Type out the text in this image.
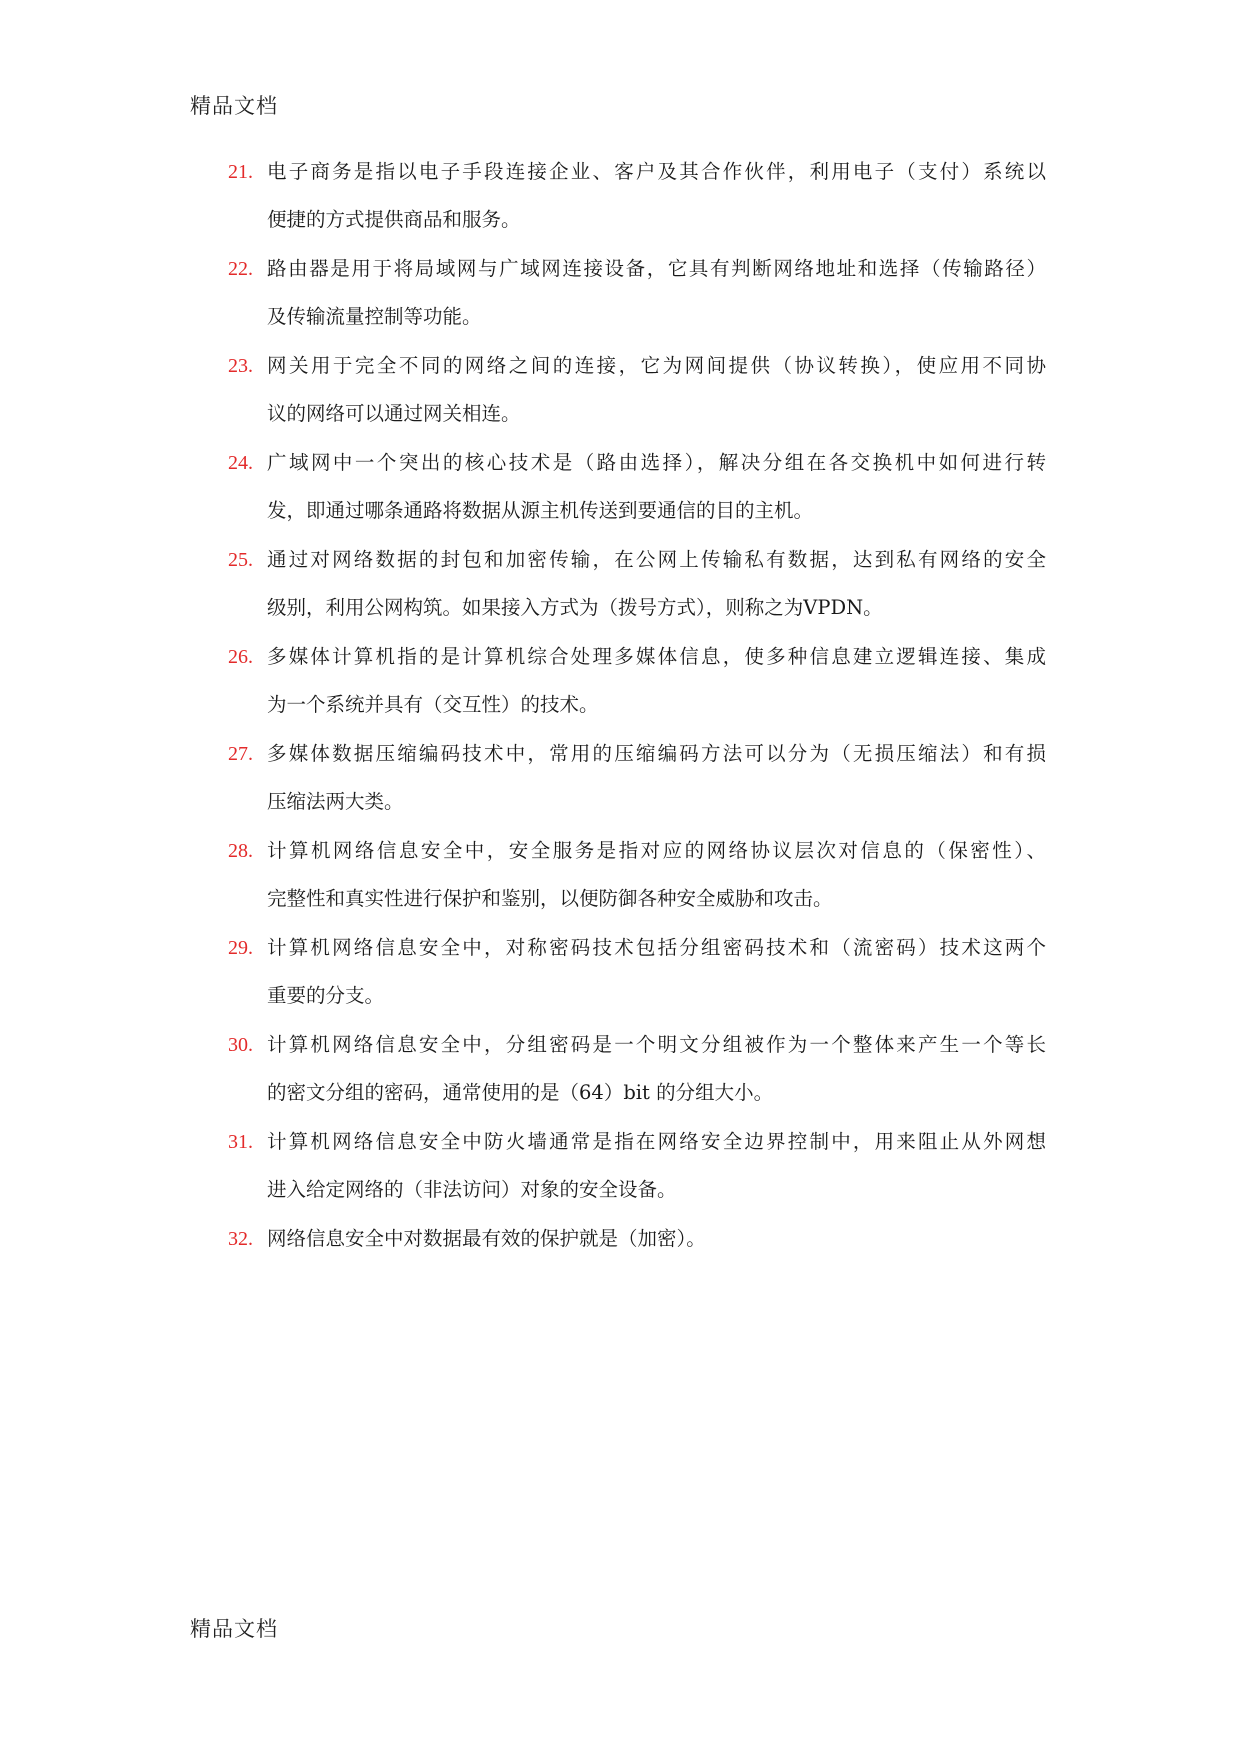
精品文档
21. 电子商务是指以电子手段连接企业、客户及其合作伙伴，利用电子（支付）系统以
便捷的方式提供商品和服务。
22. 路由器是用于将局域网与广域网连接设备，它具有判断网络地址和选择（传输路径）
及传输流量控制等功能。
23. 网关用于完全不同的网络之间的连接，它为网间提供（协议转换），使应用不同协
议的网络可以通过网关相连。
24. 广域网中一个突出的核心技术是（路由选择），解决分组在各交换机中如何进行转
发，即通过哪条通路将数据从源主机传送到要通信的目的主机。
25. 通过对网络数据的封包和加密传输，在公网上传输私有数据，达到私有网络的安全
级别，利用公网构筑。如果接入方式为（拨号方式），则称之为VPDN。
26. 多媒体计算机指的是计算机综合处理多媒体信息，使多种信息建立逻辑连接、集成
为一个系统并具有（交互性）的技术。
27. 多媒体数据压缩编码技术中，常用的压缩编码方法可以分为（无损压缩法）和有损
压缩法两大类。
28. 计算机网络信息安全中，安全服务是指对应的网络协议层次对信息的（保密性）、
完整性和真实性进行保护和鉴别，以便防御各种安全威胁和攻击。
29. 计算机网络信息安全中，对称密码技术包括分组密码技术和（流密码）技术这两个
重要的分支。
30. 计算机网络信息安全中，分组密码是一个明文分组被作为一个整体来产生一个等长
的密文分组的密码，通常使用的是（64）bit 的分组大小。
31. 计算机网络信息安全中防火墙通常是指在网络安全边界控制中，用来阻止从外网想
进入给定网络的（非法访问）对象的安全设备。
32. 网络信息安全中对数据最有效的保护就是（加密）。
精品文档
